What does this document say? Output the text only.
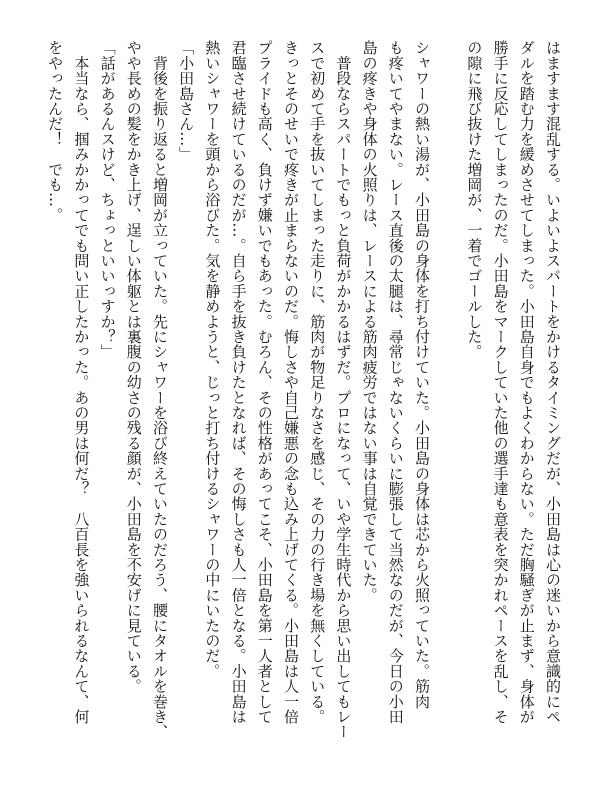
はますます混乱する。いよいよスパートをかけるタイミングだが、小田島は心の迷いから意識的にペ
ダルを踏む力を緩めさせてしまった。小田島自身でもよくわからない。ただ胸騒ぎが止まず、身体が
勝手に反応してしまったのだ。小田島をマークしていた他の選手達も意表を突かれペースを乱し、そ
の隙に飛び抜けた増岡が、一着でゴールした。
シャワーの熱い湯が、小田島の身体を打ち付けていた。小田島の身体は芯から火照っていた。筋肉
も疼いてやまない。レース直後の太腿は、尋常じゃないくらいに膨張して当然なのだが、今日の小田
島の疼きや身体の火照りは、レースによる筋肉疲労ではない事は自覚できていた。
　普段ならスパートでもっと負荷がかかるはずだ。プロになって、いや学生時代から思い出してもレー
スで初めて手を抜いてしまった走りに、筋肉が物足りなさを感じ、その力の行き場を無くしている。
きっとそのせいで疼きが止まらないのだ。悔しさや自己嫌悪の念も込み上げてくる。小田島は人一倍
プライドも高く、負けず嫌いでもあった。むろん、その性格があってこそ、小田島を第一人者として
君臨させ続けているのだが…。自ら手を抜き負けたとなれば、その悔しさも人一倍となる。小田島は
熱いシャワーを頭から浴びた。気を静めようと、じっと打ち付けるシャワーの中にいたのだ。
「小田島さん…」
　背後を振り返ると増岡が立っていた。先にシャワーを浴び終えていたのだろう、腰にタオルを巻き、
やや長めの髪をかき上げ、逞しい体躯とは裏腹の幼さの残る顔が、小田島を不安げに見ている。
「話があるんスけど、ちょっといいっすか？」
　本当なら、掴みかかってでも問い正したかった。あの男は何だ？　八百長を強いられるなんて、何
をやったんだ！　でも…。
